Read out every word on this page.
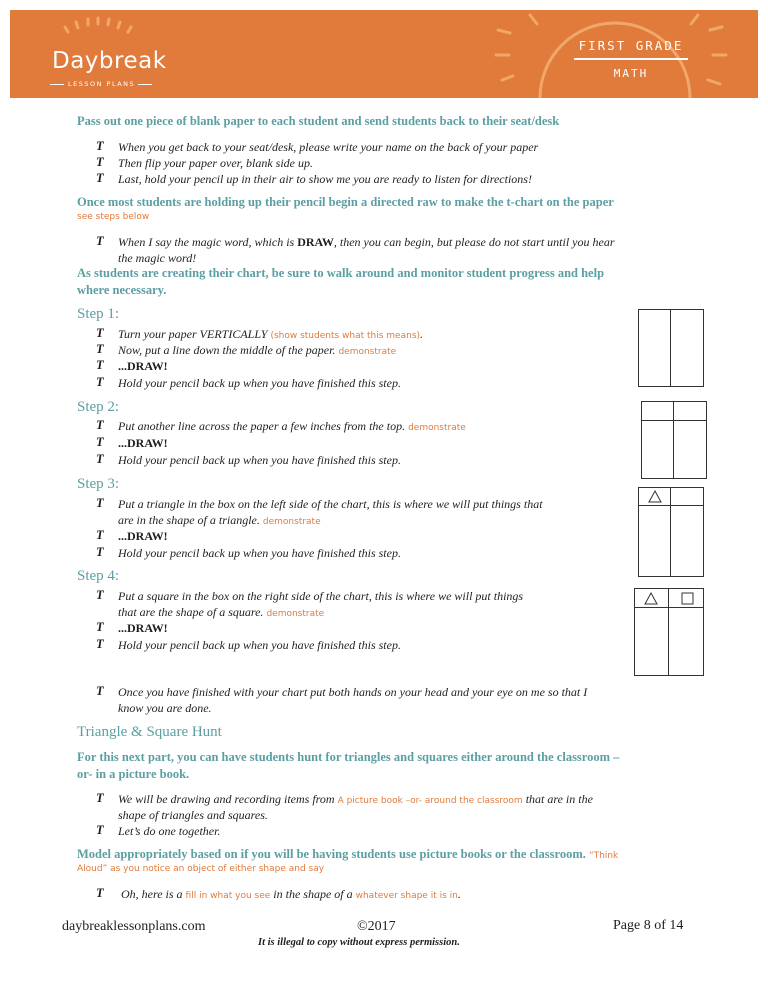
Daybreak
LESSON PLANS
FIRST GRADE
MATH
Pass out one piece of blank paper to each student and send students back to their seat/desk
T When you get back to your seat/desk, please write your name on the back of your paper
T Then flip your paper over, blank side up.
T Last, hold your pencil up in their air to show me you are ready to listen for directions!
Once most students are holding up their pencil begin a directed raw to make the t-chart on the paper
see steps below
T When I say the magic word, which is DRAW, then you can begin, but please do not start until you hear
the magic word!
As students are creating their chart, be sure to walk around and monitor student progress and help
where necessary.
Step 1:
T Turn your paper VERTICALLY (show students what this means).
T Now, put a line down the middle of the paper. demonstrate
T ...DRAW!
T Hold your pencil back up when you have finished this step.
Step 2:
T Put another line across the paper a few inches from the top. demonstrate
T ...DRAW!
T Hold your pencil back up when you have finished this step.
Step 3:
T Put a triangle in the box on the left side of the chart, this is where we will put things that
are in the shape of a triangle. demonstrate
T ...DRAW!
T Hold your pencil back up when you have finished this step.
Step 4:
T Put a square in the box on the right side of the chart, this is where we will put things
that are the shape of a square. demonstrate
T ...DRAW!
T Hold your pencil back up when you have finished this step.
T Once you have finished with your chart put both hands on your head and your eye on me so that I
know you are done.
Triangle & Square Hunt
For this next part, you can have students hunt for triangles and squares either around the classroom –
or- in a picture book.
T We will be drawing and recording items from A picture book –or- around the classroom that are in the
shape of triangles and squares.
T Let’s do one together.
Model appropriately based on if you will be having students use picture books or the classroom. “Think
Aloud” as you notice an object of either shape and say
T Oh, here is a fill in what you see in the shape of a whatever shape it is in.
daybreaklessonplans.com	©2017	Page 8 of 14
It is illegal to copy without express permission.
